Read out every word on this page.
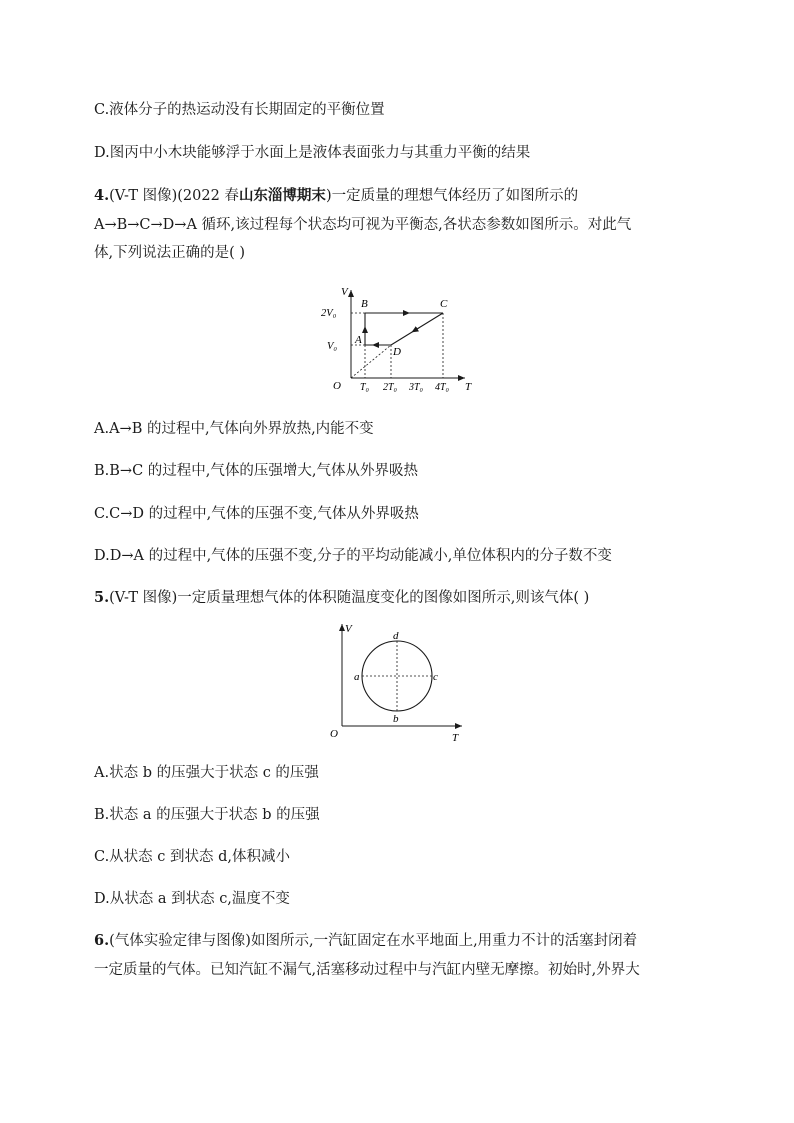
C.液体分子的热运动没有长期固定的平衡位置
D.图丙中小木块能够浮于水面上是液体表面张力与其重力平衡的结果
4.(V-T 图像)(2022 春山东淄博期末)一定质量的理想气体经历了如图所示的
A→B→C→D→A 循环,该过程每个状态均可视为平衡态,各状态参数如图所示。对此气
体,下列说法正确的是( )
V
T
O
2V₀
V₀
T₀ 2T₀ 3T₀ 4T₀
A
B	C
D
A.A→B 的过程中,气体向外界放热,内能不变
B.B→C 的过程中,气体的压强增大,气体从外界吸热
C.C→D 的过程中,气体的压强不变,气体从外界吸热
D.D→A 的过程中,气体的压强不变,分子的平均动能减小,单位体积内的分子数不变
5.(V-T 图像)一定质量理想气体的体积随温度变化的图像如图所示,则该气体( )
V
T
O
a
b
c
d
A.状态 b 的压强大于状态 c 的压强
B.状态 a 的压强大于状态 b 的压强
C.从状态 c 到状态 d,体积减小
D.从状态 a 到状态 c,温度不变
6.(气体实验定律与图像)如图所示,一汽缸固定在水平地面上,用重力不计的活塞封闭着
一定质量的气体。已知汽缸不漏气,活塞移动过程中与汽缸内壁无摩擦。初始时,外界大
